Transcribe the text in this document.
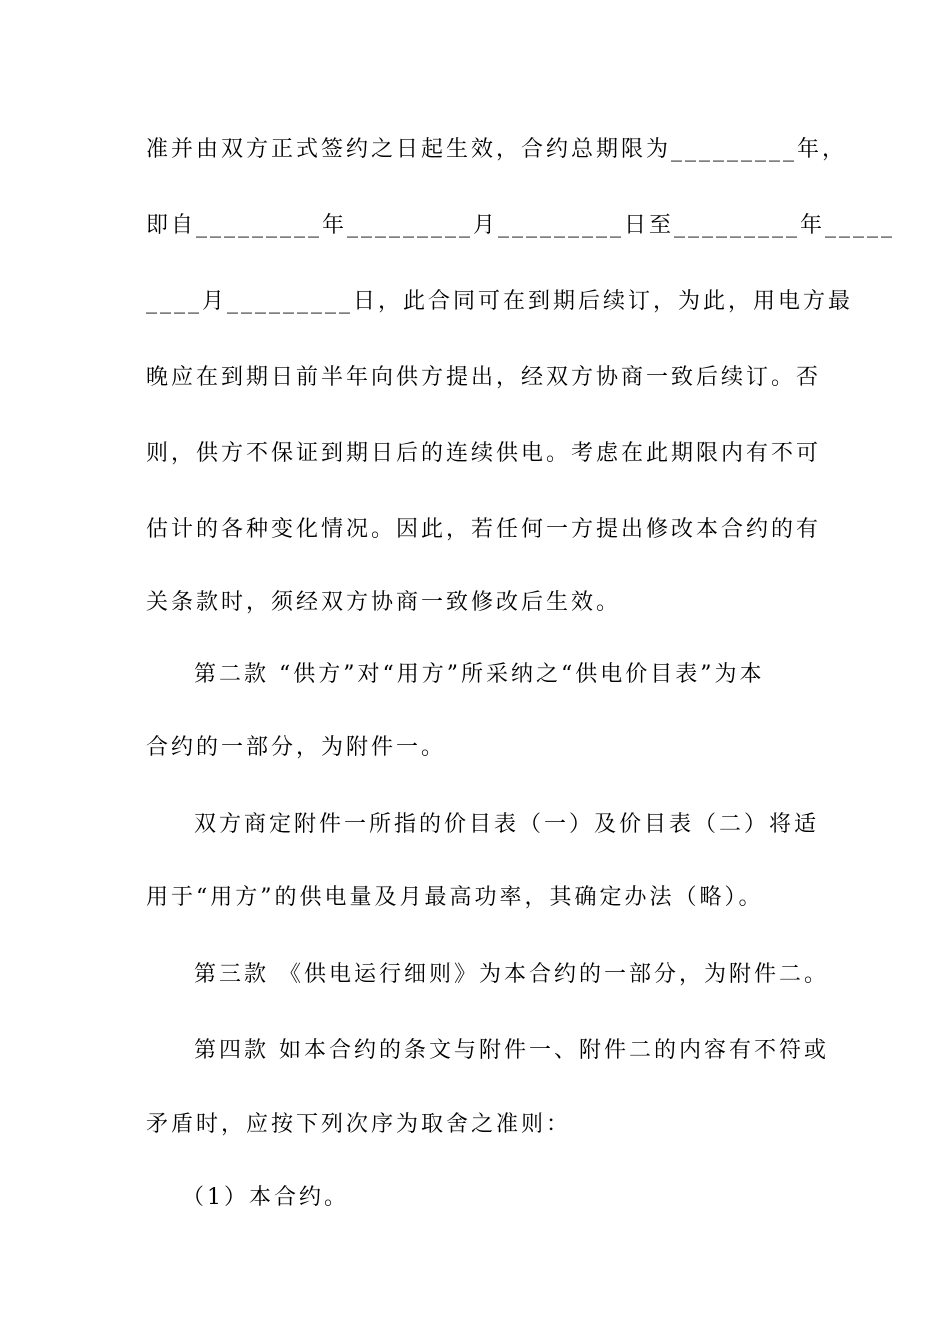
准并由双方正式签约之日起生效，合约总期限为_________年，
即自_________年_________月_________日至_________年_____
____月_________日，此合同可在到期后续订，为此，用电方最
晚应在到期日前半年向供方提出，经双方协商一致后续订。否
则，供方不保证到期日后的连续供电。考虑在此期限内有不可
估计的各种变化情况。因此，若任何一方提出修改本合约的有
关条款时，须经双方协商一致修改后生效。
第二款 “供方”对“用方”所采纳之“供电价目表”为本
合约的一部分，为附件一。
双方商定附件一所指的价目表（一）及价目表（二）将适
用于“用方”的供电量及月最高功率，其确定办法（略）。
第三款 《供电运行细则》为本合约的一部分，为附件二。
第四款 如本合约的条文与附件一、附件二的内容有不符或
矛盾时，应按下列次序为取舍之准则：
（1）本合约。
